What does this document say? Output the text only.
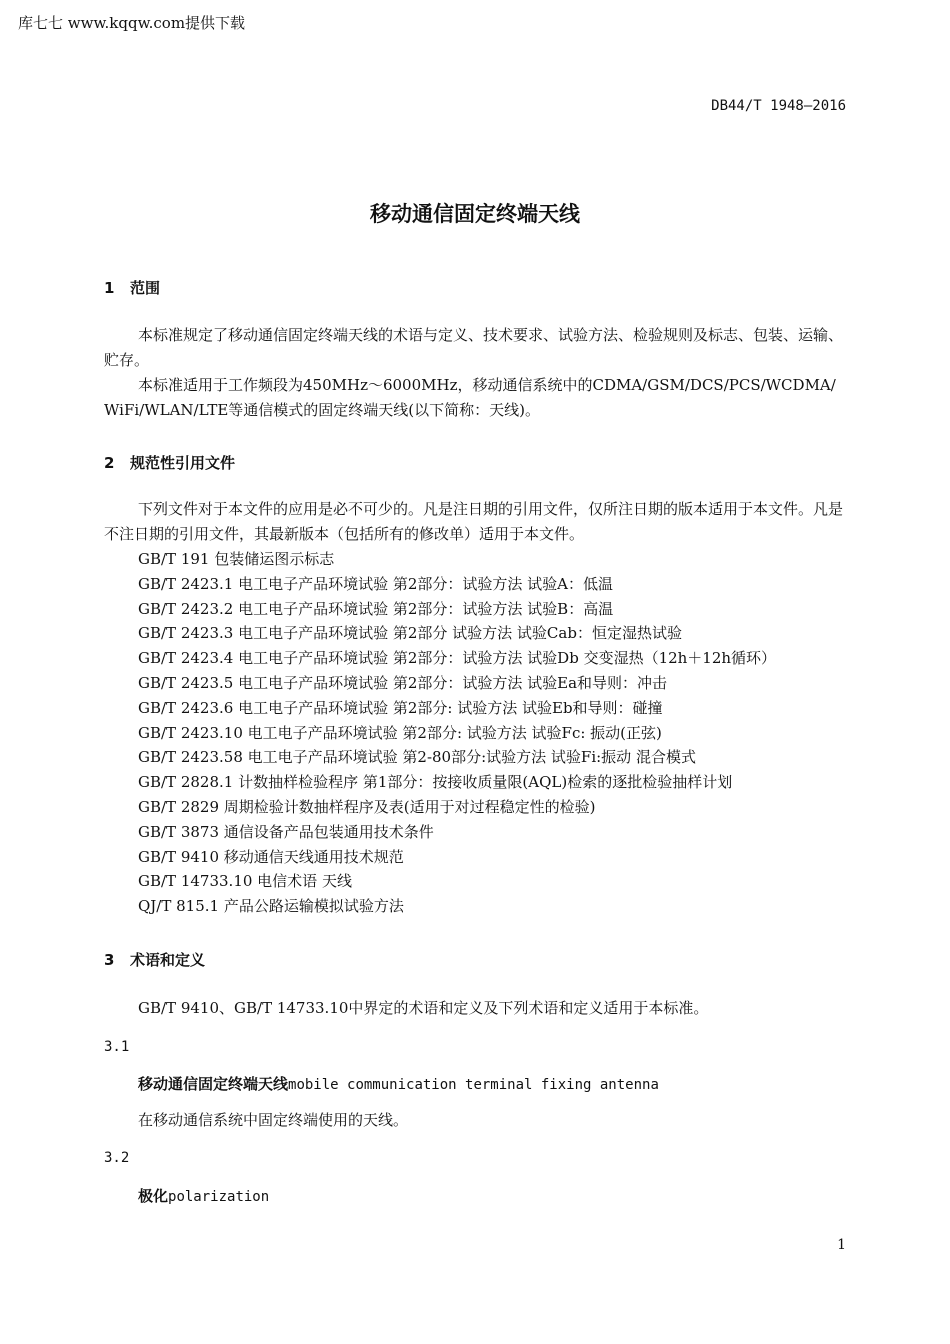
库七七 www.kqqw.com提供下载
DB44/T 1948—2016
移动通信固定终端天线
1 范围
本标准规定了移动通信固定终端天线的术语与定义、技术要求、试验方法、检验规则及标志、包装、运输、贮存。
本标准适用于工作频段为450MHz～6000MHz，移动通信系统中的CDMA/GSM/DCS/PCS/WCDMA/WiFi/WLAN/LTE等通信模式的固定终端天线(以下简称：天线)。
2 规范性引用文件
下列文件对于本文件的应用是必不可少的。凡是注日期的引用文件，仅所注日期的版本适用于本文件。凡是不注日期的引用文件，其最新版本（包括所有的修改单）适用于本文件。
GB/T 191 包装储运图示标志
GB/T 2423.1 电工电子产品环境试验 第2部分：试验方法 试验A：低温
GB/T 2423.2 电工电子产品环境试验 第2部分：试验方法 试验B：高温
GB/T 2423.3 电工电子产品环境试验 第2部分 试验方法 试验Cab：恒定湿热试验
GB/T 2423.4 电工电子产品环境试验 第2部分：试验方法 试验Db 交变湿热（12h＋12h循环）
GB/T 2423.5 电工电子产品环境试验 第2部分：试验方法 试验Ea和导则：冲击
GB/T 2423.6 电工电子产品环境试验 第2部分: 试验方法 试验Eb和导则：碰撞
GB/T 2423.10 电工电子产品环境试验 第2部分: 试验方法 试验Fc: 振动(正弦)
GB/T 2423.58 电工电子产品环境试验 第2-80部分:试验方法 试验Fi:振动 混合模式
GB/T 2828.1 计数抽样检验程序 第1部分：按接收质量限(AQL)检索的逐批检验抽样计划
GB/T 2829 周期检验计数抽样程序及表(适用于对过程稳定性的检验)
GB/T 3873 通信设备产品包装通用技术条件
GB/T 9410 移动通信天线通用技术规范
GB/T 14733.10 电信术语 天线
QJ/T 815.1 产品公路运输模拟试验方法
3 术语和定义
GB/T 9410、GB/T 14733.10中界定的术语和定义及下列术语和定义适用于本标准。
3.1
移动通信固定终端天线mobile communication terminal fixing antenna
在移动通信系统中固定终端使用的天线。
3.2
极化polarization
1
